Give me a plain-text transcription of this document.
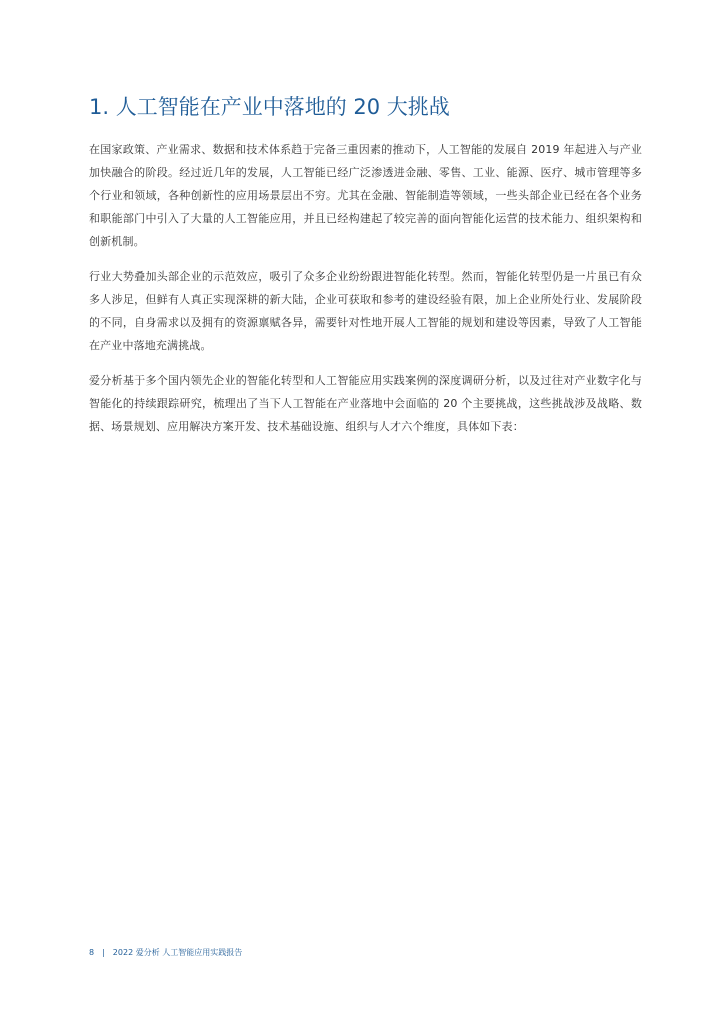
1. 人工智能在产业中落地的 20 大挑战

在国家政策、产业需求、数据和技术体系趋于完备三重因素的推动下，人工智能的发展自 2019 年起进入与产业加快融合的阶段。经过近几年的发展，人工智能已经广泛渗透进金融、零售、工业、能源、医疗、城市管理等多个行业和领域，各种创新性的应用场景层出不穷。尤其在金融、智能制造等领域，一些头部企业已经在各个业务和职能部门中引入了大量的人工智能应用，并且已经构建起了较完善的面向智能化运营的技术能力、组织架构和创新机制。

行业大势叠加头部企业的示范效应，吸引了众多企业纷纷跟进智能化转型。然而，智能化转型仍是一片虽已有众多人涉足，但鲜有人真正实现深耕的新大陆，企业可获取和参考的建设经验有限，加上企业所处行业、发展阶段的不同，自身需求以及拥有的资源禀赋各异，需要针对性地开展人工智能的规划和建设等因素，导致了人工智能在产业中落地充满挑战。

爱分析基于多个国内领先企业的智能化转型和人工智能应用实践案例的深度调研分析，以及过往对产业数字化与智能化的持续跟踪研究，梳理出了当下人工智能在产业落地中会面临的 20 个主要挑战，这些挑战涉及战略、数据、场景规划、应用解决方案开发、技术基础设施、组织与人才六个维度，具体如下表：

8 | 2022 爱分析 人工智能应用实践报告
